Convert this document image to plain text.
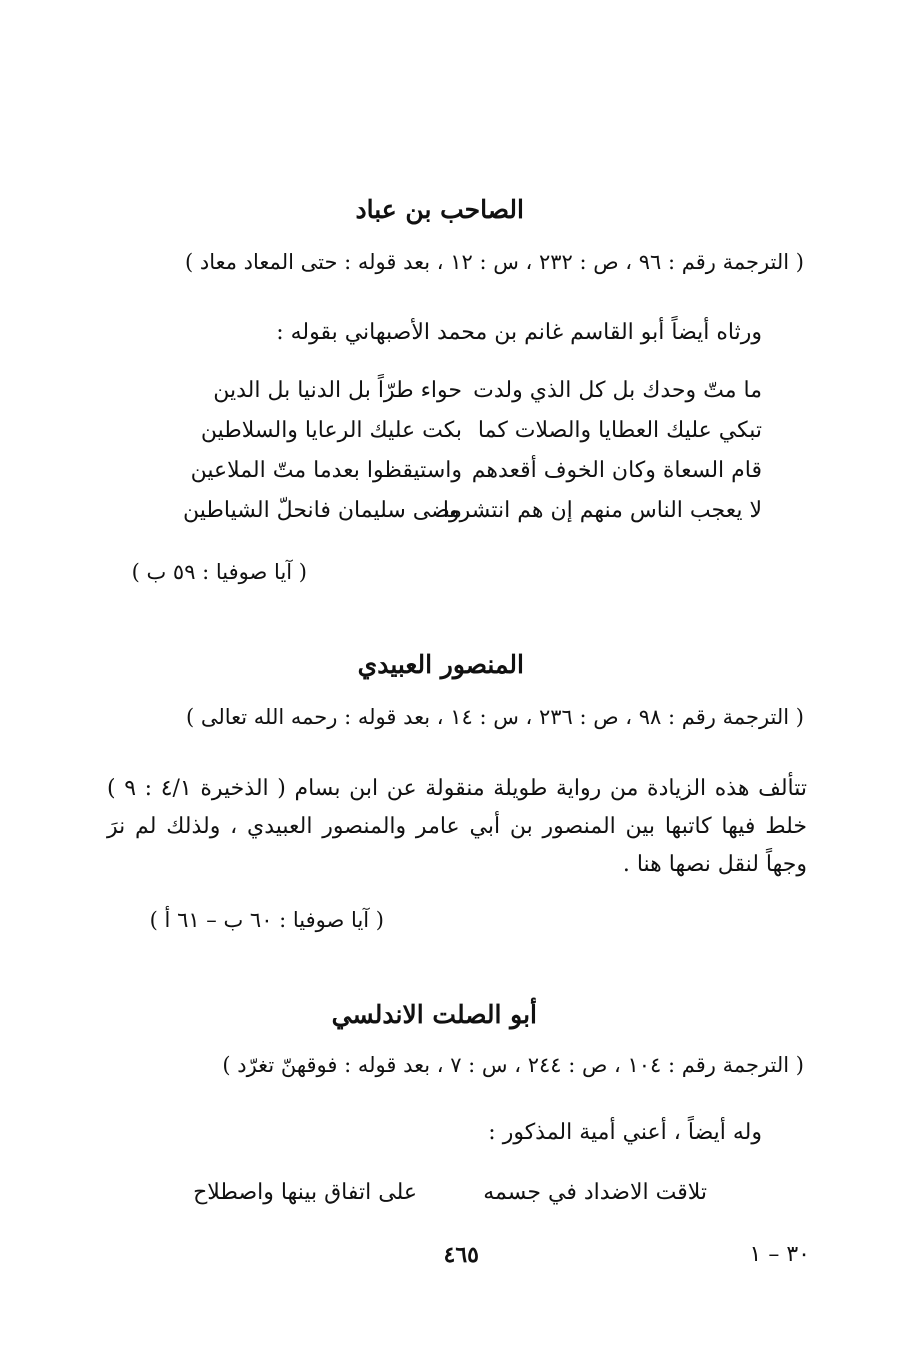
الصاحب بن عباد
( الترجمة رقم : ٩٦ ، ص : ٢٣٢ ، س : ١٢ ، بعد قوله : حتى المعاد معاد )
ورثاه أيضاً أبو القاسم غانم بن محمد الأصبهاني بقوله :
ما متّ وحدك بل كل الذي ولدت
حواء طرّاً بل الدنيا بل الدين
تبكي عليك العطايا والصلات كما
بكت عليك الرعايا والسلاطين
قام السعاة وكان الخوف أقعدهم
واستيقظوا بعدما متّ الملاعين
لا يعجب الناس منهم إن هم انتشروا
مضى سليمان فانحلّ الشياطين
( آيا صوفيا : ٥٩ ب )
المنصور العبيدي
( الترجمة رقم : ٩٨ ، ص : ٢٣٦ ، س : ١٤ ، بعد قوله : رحمه الله تعالى )
تتألف هذه الزيادة من رواية طويلة منقولة عن ابن بسام ( الذخيرة ٤/١ : ٩ ) خلط فيها كاتبها بين المنصور بن أبي عامر والمنصور العبيدي ، ولذلك لم نرَ وجهاً لنقل نصها هنا .
( آيا صوفيا : ٦٠ ب – ٦١ أ )
أبو الصلت الاندلسي
( الترجمة رقم : ١٠٤ ، ص : ٢٤٤ ، س : ٧ ، بعد قوله : فوقهنّ تغرّد )
وله أيضاً ، أعني أمية المذكور :
تلاقت الاضداد في جسمه
على اتفاق بينها واصطلاح
٤٦٥	٣٠ – ١
